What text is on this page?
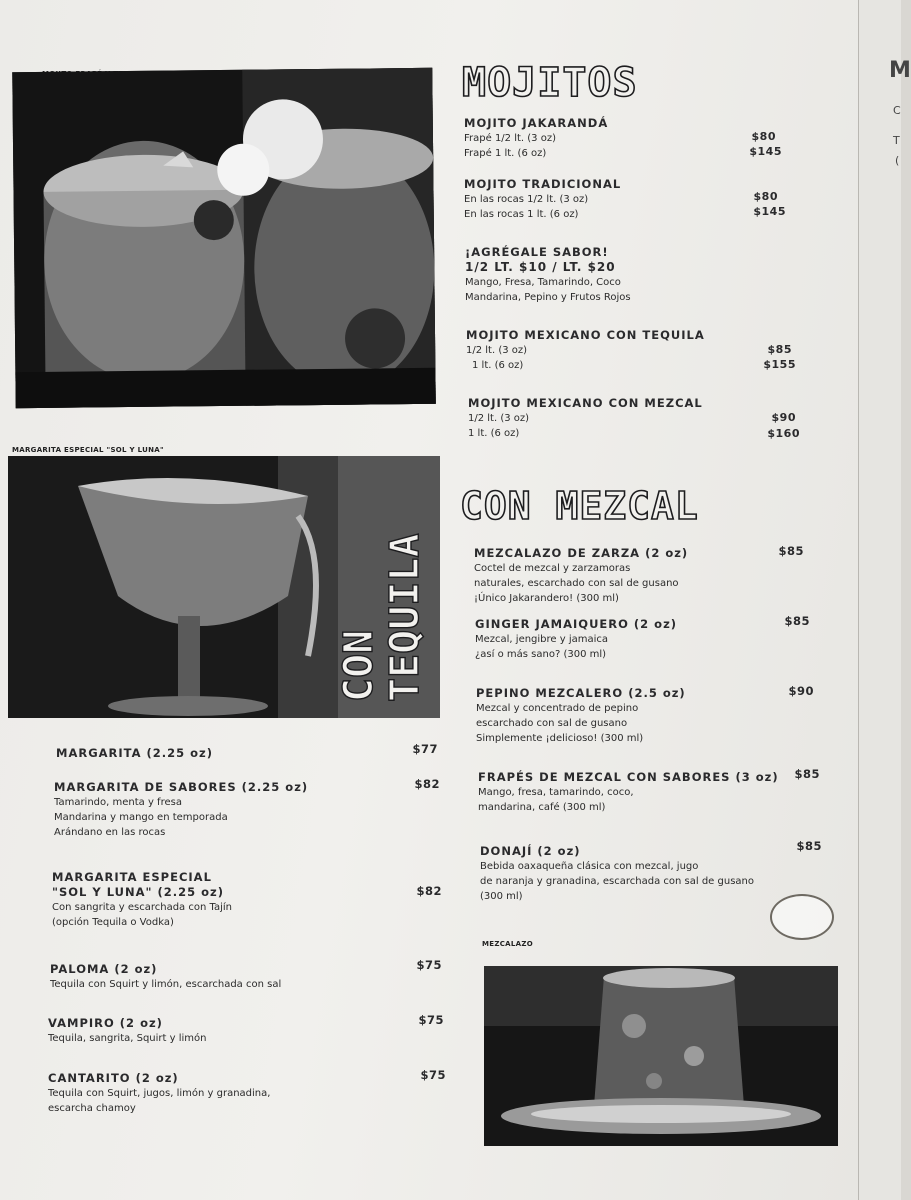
M
C
T
(
MARGARITA ESPECIAL "SOL Y LUNA"
CON TEQUILA
MOJITOS
MOJITO JAKARANDÁ
Frapé 1/2 lt. (3 oz)
Frapé 1 lt. (6 oz)
$80
$145
MOJITO TRADICIONAL
En las rocas 1/2 lt. (3 oz)
En las rocas 1 lt. (6 oz)
$80
$145
¡AGRÉGALE SABOR!
1/2 LT. $10 / LT. $20
Mango, Fresa, Tamarindo, Coco
Mandarina, Pepino y Frutos Rojos
MOJITO MEXICANO CON TEQUILA
1/2 lt. (3 oz)
1 lt. (6 oz)
$85
$155
MOJITO MEXICANO CON MEZCAL
1/2 lt. (3 oz)
1 lt. (6 oz)
$90
$160
CON MEZCAL
MEZCALAZO DE ZARZA (2 oz)
Coctel de mezcal y zarzamoras
naturales, escarchado con sal de gusano
¡Único Jakarandero! (300 ml)
$85
GINGER JAMAIQUERO (2 oz)
Mezcal, jengibre y jamaica
¿así o más sano? (300 ml)
$85
PEPINO MEZCALERO (2.5 oz)
Mezcal y concentrado de pepino
escarchado con sal de gusano
Simplemente ¡delicioso! (300 ml)
$90
FRAPÉS DE MEZCAL CON SABORES (3 oz)
Mango, fresa, tamarindo, coco,
mandarina, café (300 ml)
$85
DONAJÍ (2 oz)
Bebida oaxaqueña clásica con mezcal, jugo
de naranja y granadina, escarchada con sal de gusano
(300 ml)
$85
MEZCALAZO
MARGARITA (2.25 oz)	$77
MARGARITA DE SABORES (2.25 oz)
Tamarindo, menta y fresa
Mandarina y mango en temporada
Arándano en las rocas
$82
MARGARITA ESPECIAL
"SOL Y LUNA" (2.25 oz)
Con sangrita y escarchada con Tajín
(opción Tequila o Vodka)
$82
PALOMA (2 oz)
Tequila con Squirt y limón, escarchada con sal
$75
VAMPIRO (2 oz)
Tequila, sangrita, Squirt y limón
$75
CANTARITO (2 oz)
Tequila con Squirt, jugos, limón y granadina,
escarcha chamoy
$75
